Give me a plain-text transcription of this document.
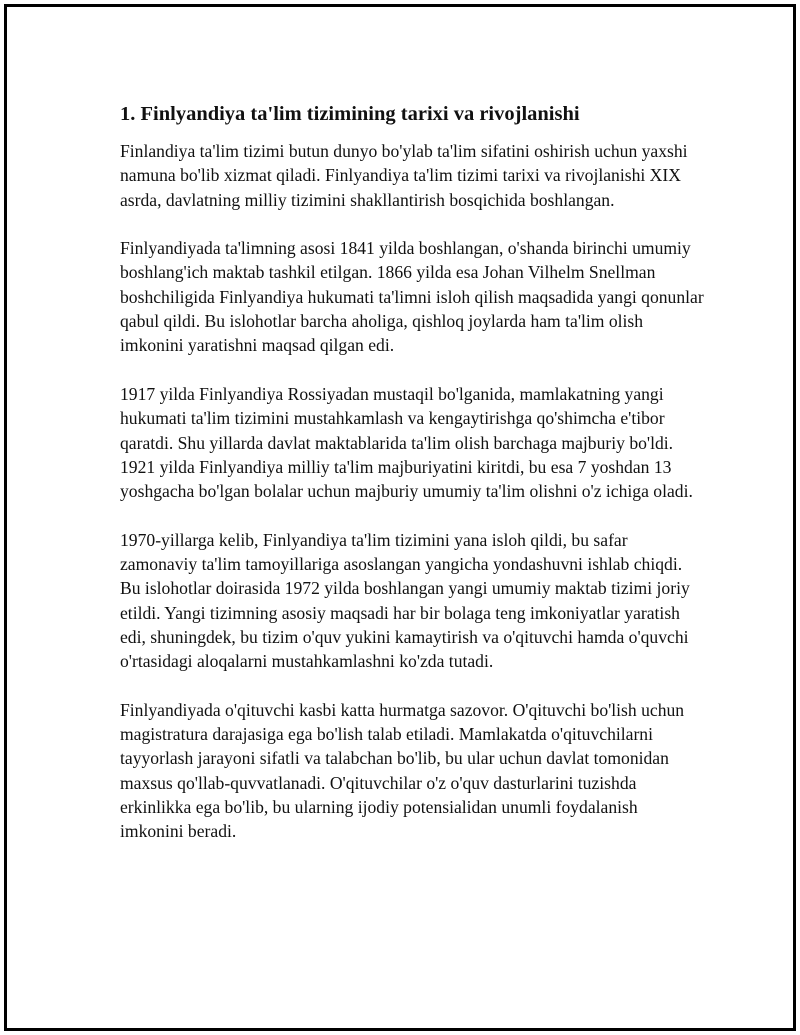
1. Finlyandiya ta'lim tizimining tarixi va rivojlanishi

Finlandiya ta'lim tizimi butun dunyo bo'ylab ta'lim sifatini oshirish uchun yaxshi namuna bo'lib xizmat qiladi. Finlyandiya ta'lim tizimi tarixi va rivojlanishi XIX asrda, davlatning milliy tizimini shakllantirish bosqichida boshlangan.

Finlyandiyada ta'limning asosi 1841 yilda boshlangan, o'shanda birinchi umumiy boshlang'ich maktab tashkil etilgan. 1866 yilda esa Johan Vilhelm Snellman boshchiligida Finlyandiya hukumati ta'limni isloh qilish maqsadida yangi qonunlar qabul qildi. Bu islohotlar barcha aholiga, qishloq joylarda ham ta'lim olish imkonini yaratishni maqsad qilgan edi.

1917 yilda Finlyandiya Rossiyadan mustaqil bo'lganida, mamlakatning yangi hukumati ta'lim tizimini mustahkamlash va kengaytirishga qo'shimcha e'tibor qaratdi. Shu yillarda davlat maktablarida ta'lim olish barchaga majburiy bo'ldi. 1921 yilda Finlyandiya milliy ta'lim majburiyatini kiritdi, bu esa 7 yoshdan 13 yoshgacha bo'lgan bolalar uchun majburiy umumiy ta'lim olishni o'z ichiga oladi.

1970-yillarga kelib, Finlyandiya ta'lim tizimini yana isloh qildi, bu safar zamonaviy ta'lim tamoyillariga asoslangan yangicha yondashuvni ishlab chiqdi. Bu islohotlar doirasida 1972 yilda boshlangan yangi umumiy maktab tizimi joriy etildi. Yangi tizimning asosiy maqsadi har bir bolaga teng imkoniyatlar yaratish edi, shuningdek, bu tizim o'quv yukini kamaytirish va o'qituvchi hamda o'quvchi o'rtasidagi aloqalarni mustahkamlashni ko'zda tutadi.

Finlyandiyada o'qituvchi kasbi katta hurmatga sazovor. O'qituvchi bo'lish uchun magistratura darajasiga ega bo'lish talab etiladi. Mamlakatda o'qituvchilarni tayyorlash jarayoni sifatli va talabchan bo'lib, bu ular uchun davlat tomonidan maxsus qo'llab-quvvatlanadi. O'qituvchilar o'z o'quv dasturlarini tuzishda erkinlikka ega bo'lib, bu ularning ijodiy potensialidan unumli foydalanish imkonini beradi.
